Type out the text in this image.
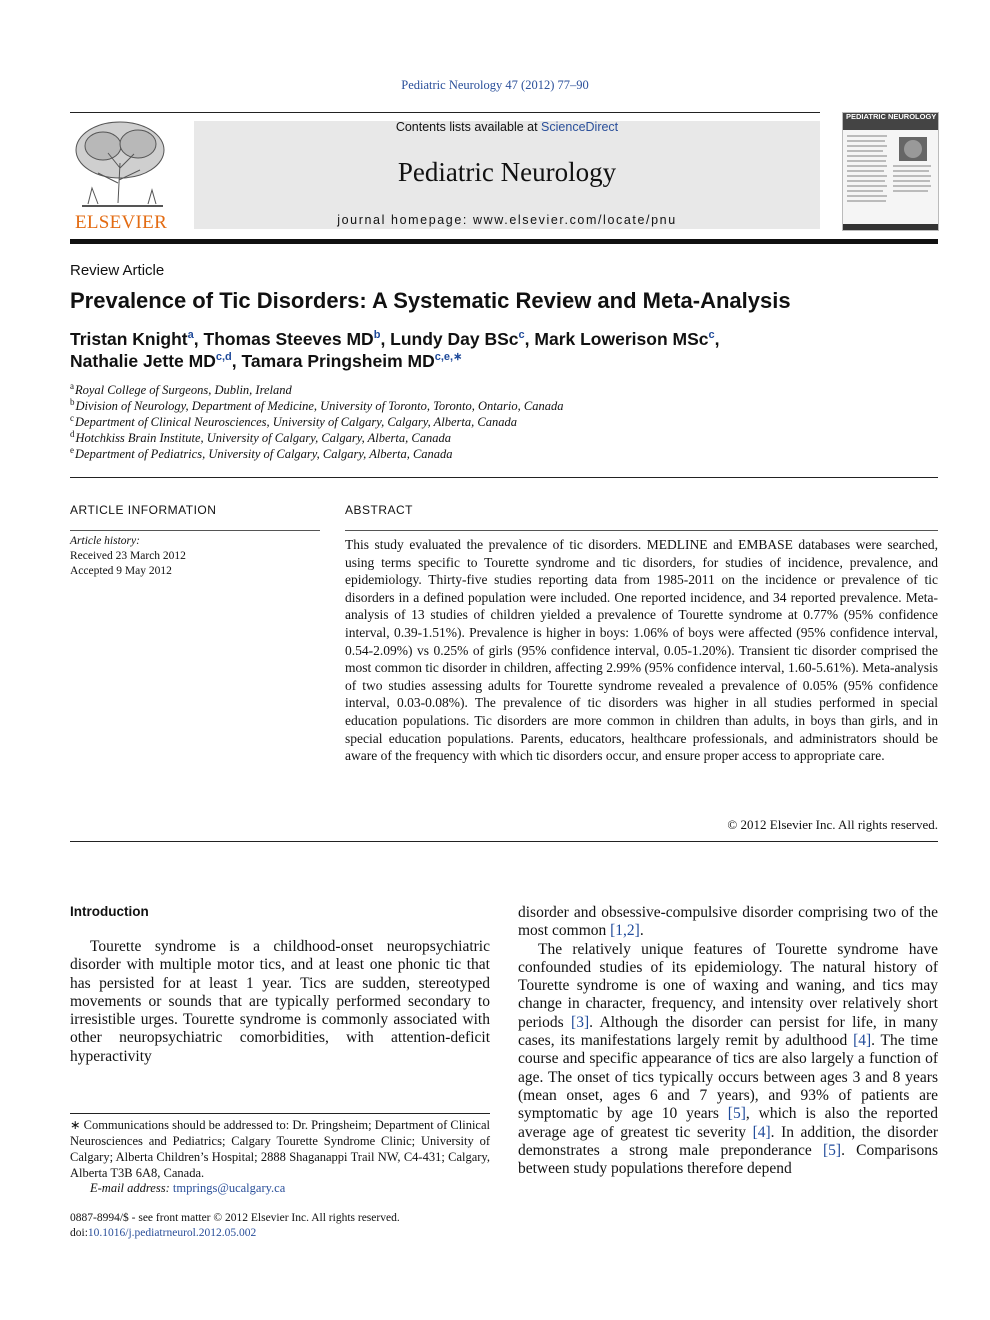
Pediatric Neurology 47 (2012) 77–90
ELSEVIER
Contents lists available at ScienceDirect
Pediatric Neurology
journal homepage: www.elsevier.com/locate/pnu
PEDIATRIC NEUROLOGY
Review Article
Prevalence of Tic Disorders: A Systematic Review and Meta-Analysis
Tristan Knight$^a$, Thomas Steeves $MD^b$, Lundy Day BSc$^c$, Mark Lowerison MSc$^c$,
Nathalie Jette MD$^{c,d}$, Tamara Pringsheim $MD^{c,e,∗}$
$^a$Royal College of Surgeons, Dublin, Ireland
$^b$Division of Neurology, Department of Medicine, University of Toronto, Toronto, Ontario, Canada
$^c$Department of Clinical Neurosciences, University of Calgary, Calgary, Alberta, Canada
$^d$Hotchkiss Brain Institute, University of Calgary, Calgary, Alberta, Canada
$^e$Department of Pediatrics, University of Calgary, Calgary, Alberta, Canada
ARTICLE INFORMATION	ABSTRACT
Article history:
Received 23 March 2012
Accepted 9 May 2012
This study evaluated the prevalence of tic disorders. MEDLINE and EMBASE databases were searched, using terms specific to Tourette syndrome and tic disorders, for studies of incidence, prevalence, and epidemiology. Thirty-five studies reporting data from 1985-2011 on the incidence or prevalence of tic disorders in a defined population were included. One reported incidence, and 34 reported prevalence. Meta-analysis of 13 studies of children yielded a prevalence of Tourette syndrome at 0.77% (95% confidence interval, 0.39-1.51%). Prevalence is higher in boys: 1.06% of boys were affected (95% confidence interval, 0.54-2.09%) vs 0.25% of girls (95% confidence interval, 0.05-1.20%). Transient tic disorder comprised the most common tic disorder in children, affecting 2.99% (95% confidence interval, 1.60-5.61%). Meta-analysis of two studies assessing adults for Tourette syndrome revealed a prevalence of 0.05% (95% confidence interval, 0.03-0.08%). The prevalence of tic disorders was higher in all studies performed in special education populations. Tic disorders are more common in children than adults, in boys than girls, and in special education populations. Parents, educators, healthcare professionals, and administrators should be aware of the frequency with which tic disorders occur, and ensure proper access to appropriate care.
© 2012 Elsevier Inc. All rights reserved.
Introduction
Tourette syndrome is a childhood-onset neuropsychiatric disorder with multiple motor tics, and at least one phonic tic that has persisted for at least 1 year. Tics are sudden, stereotyped movements or sounds that are typically performed secondary to irresistible urges. Tourette syndrome is commonly associated with other neuropsychiatric comorbidities, with attention-deficit hyperactivity

disorder and obsessive-compulsive disorder comprising two of the most common [1,2].

The relatively unique features of Tourette syndrome have confounded studies of its epidemiology. The natural history of Tourette syndrome is one of waxing and waning, and tics may change in character, frequency, and intensity over relatively short periods [3]. Although the disorder can persist for life, in many cases, its manifestations largely remit by adulthood [4]. The time course and specific appearance of tics are also largely a function of age. The onset of tics typically occurs between ages 3 and 8 years (mean onset, ages 6 and 7 years), and 93% of patients are symptomatic by age 10 years [5], which is also the reported average age of greatest tic severity [4]. In addition, the disorder demonstrates a strong male preponderance [5]. Comparisons between study populations therefore depend

∗ Communications should be addressed to: Dr. Pringsheim; Department of Clinical Neurosciences and Pediatrics; Calgary Tourette Syndrome Clinic; University of Calgary; Alberta Children’s Hospital; 2888 Shaganappi Trail NW, C4-431; Calgary, Alberta T3B 6A8, Canada.
E-mail address: tmprings@ucalgary.ca
0887-8994/$ - see front matter © 2012 Elsevier Inc. All rights reserved.
doi:10.1016/j.pediatrneurol.2012.05.002
